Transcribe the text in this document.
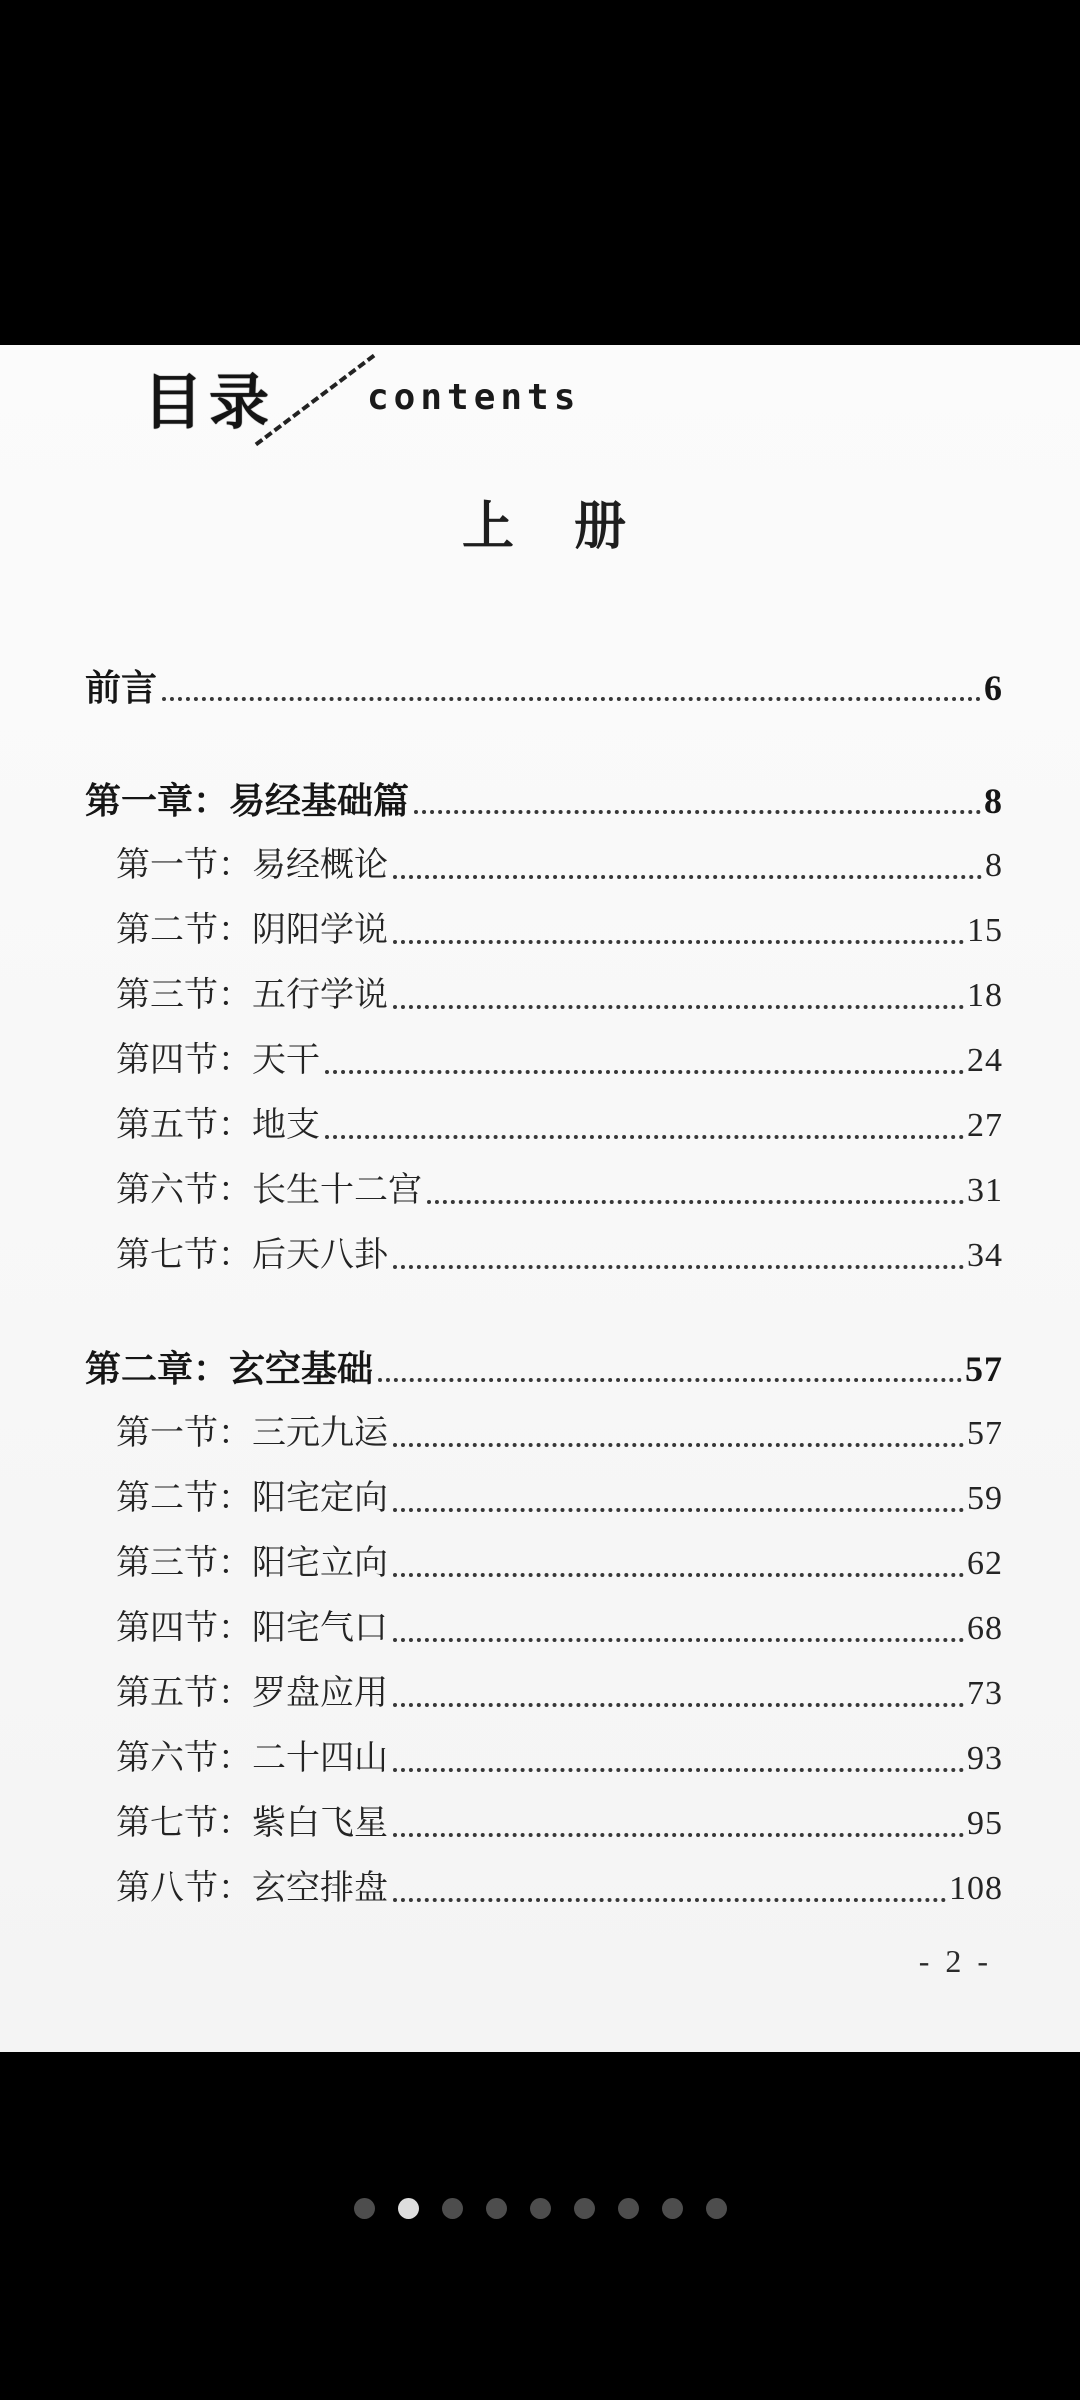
目录	contents
上　册
前言	6
第一章：易经基础篇	8
第一节：易经概论	8
第二节：阴阳学说	15
第三节：五行学说	18
第四节：天干	24
第五节：地支	27
第六节：长生十二宫	31
第七节：后天八卦	34
第二章：玄空基础	57
第一节：三元九运	57
第二节：阳宅定向	59
第三节：阳宅立向	62
第四节：阳宅气口	68
第五节：罗盘应用	73
第六节：二十四山	93
第七节：紫白飞星	95
第八节：玄空排盘	108
- 2 -
